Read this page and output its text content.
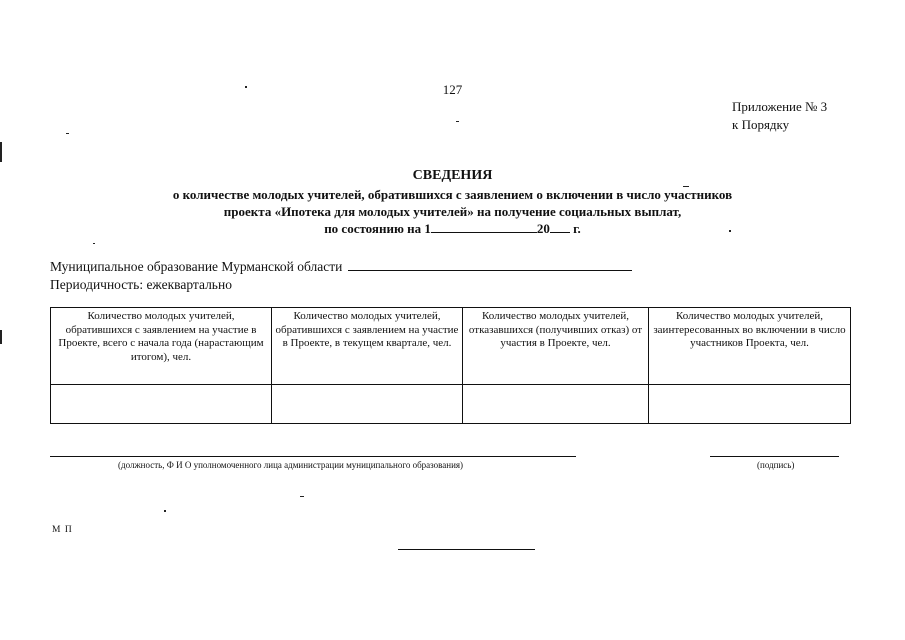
127
Приложение № 3
к Порядку
СВЕДЕНИЯ
о количестве молодых учителей, обратившихся с заявлением о включении в число участников
проекта «Ипотека для молодых учителей» на получение социальных выплат,
по состоянию на 1	20 г.
Муниципальное образование Мурманской области
Периодичность: ежеквартально
Количество молодых учителей, обратившихся с заявлением на участие в Проекте, всего с начала года (нарастающим итогом), чел.	Количество молодых учителей, обратившихся с заявлением на участие в Проекте, в текущем квартале, чел.	Количество молодых учителей, отказавшихся (получивших отказ) от участия в Проекте, чел.	Количество молодых учителей, заинтересованных во включении в число участников Проекта, чел.

(должность, Ф И О уполномоченного лица администрации муниципального образования)	(подпись)
М П
